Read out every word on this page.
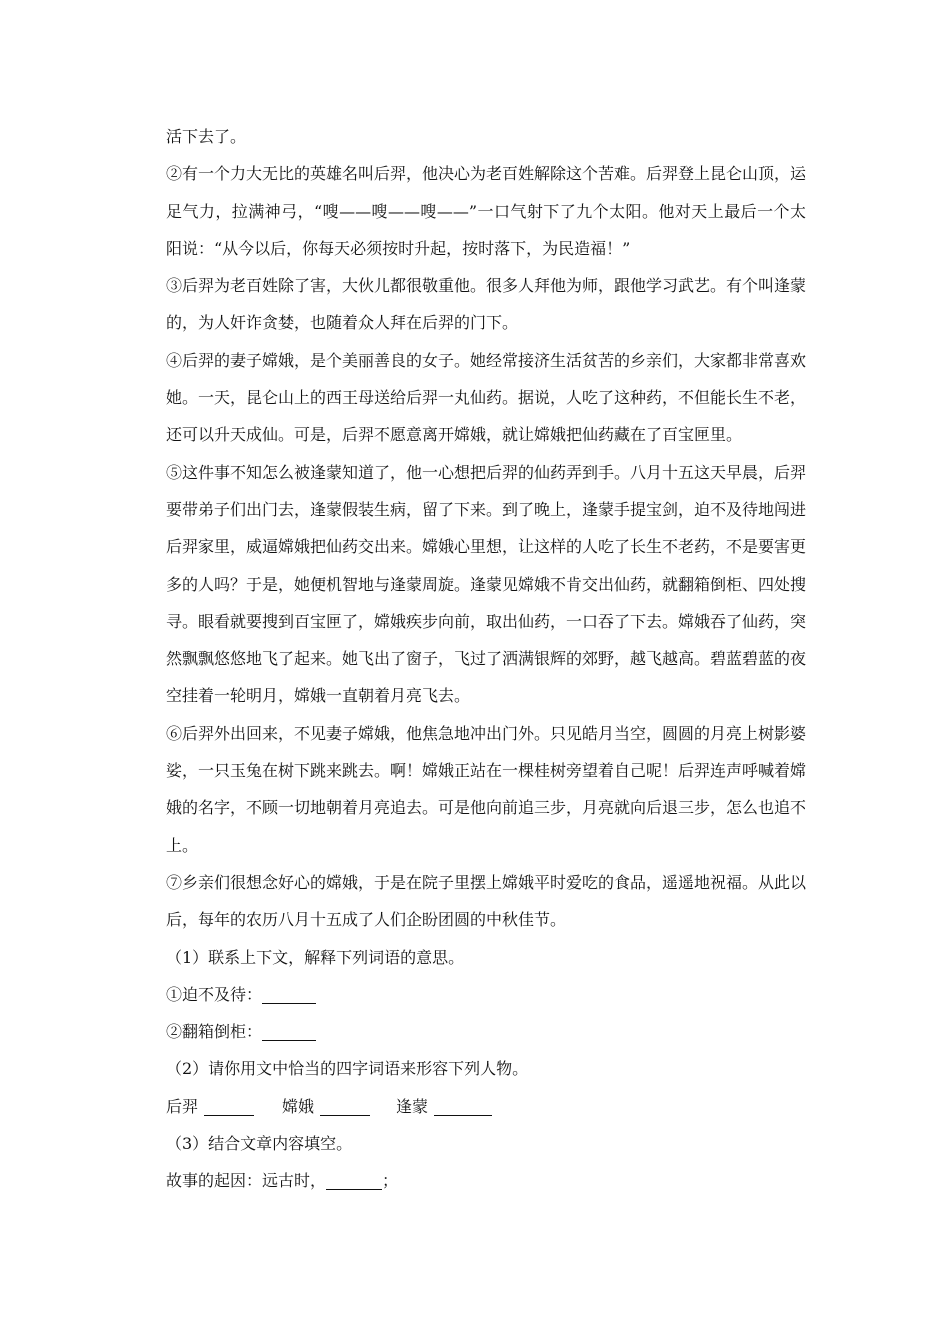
活下去了。

②有一个力大无比的英雄名叫后羿，他决心为老百姓解除这个苦难。后羿登上昆仑山顶，运足气力，拉满神弓，“嗖——嗖——嗖——”一口气射下了九个太阳。他对天上最后一个太阳说：“从今以后，你每天必须按时升起，按时落下，为民造福！”

③后羿为老百姓除了害，大伙儿都很敬重他。很多人拜他为师，跟他学习武艺。有个叫逢蒙的，为人奸诈贪婪，也随着众人拜在后羿的门下。

④后羿的妻子嫦娥，是个美丽善良的女子。她经常接济生活贫苦的乡亲们，大家都非常喜欢她。一天，昆仑山上的西王母送给后羿一丸仙药。据说，人吃了这种药，不但能长生不老，还可以升天成仙。可是，后羿不愿意离开嫦娥，就让嫦娥把仙药藏在了百宝匣里。

⑤这件事不知怎么被逢蒙知道了，他一心想把后羿的仙药弄到手。八月十五这天早晨，后羿要带弟子们出门去，逢蒙假装生病，留了下来。到了晚上，逢蒙手提宝剑，迫不及待地闯进后羿家里，威逼嫦娥把仙药交出来。嫦娥心里想，让这样的人吃了长生不老药，不是要害更多的人吗？于是，她便机智地与逢蒙周旋。逢蒙见嫦娥不肯交出仙药，就翻箱倒柜、四处搜寻。眼看就要搜到百宝匣了，嫦娥疾步向前，取出仙药，一口吞了下去。嫦娥吞了仙药，突然飘飘悠悠地飞了起来。她飞出了窗子，飞过了洒满银辉的郊野，越飞越高。碧蓝碧蓝的夜空挂着一轮明月，嫦娥一直朝着月亮飞去。

⑥后羿外出回来，不见妻子嫦娥，他焦急地冲出门外。只见皓月当空，圆圆的月亮上树影婆娑，一只玉兔在树下跳来跳去。啊！嫦娥正站在一棵桂树旁望着自己呢！后羿连声呼喊着嫦娥的名字，不顾一切地朝着月亮追去。可是他向前追三步，月亮就向后退三步，怎么也追不上。

⑦乡亲们很想念好心的嫦娥，于是在院子里摆上嫦娥平时爱吃的食品，遥遥地祝福。从此以后，每年的农历八月十五成了人们企盼团圆的中秋佳节。

（1）联系上下文，解释下列词语的意思。

①迫不及待：

②翻箱倒柜：

（2）请你用文中恰当的四字词语来形容下列人物。

后羿	嫦娥	逢蒙

（3）结合文章内容填空。

故事的起因：远古时，	；
